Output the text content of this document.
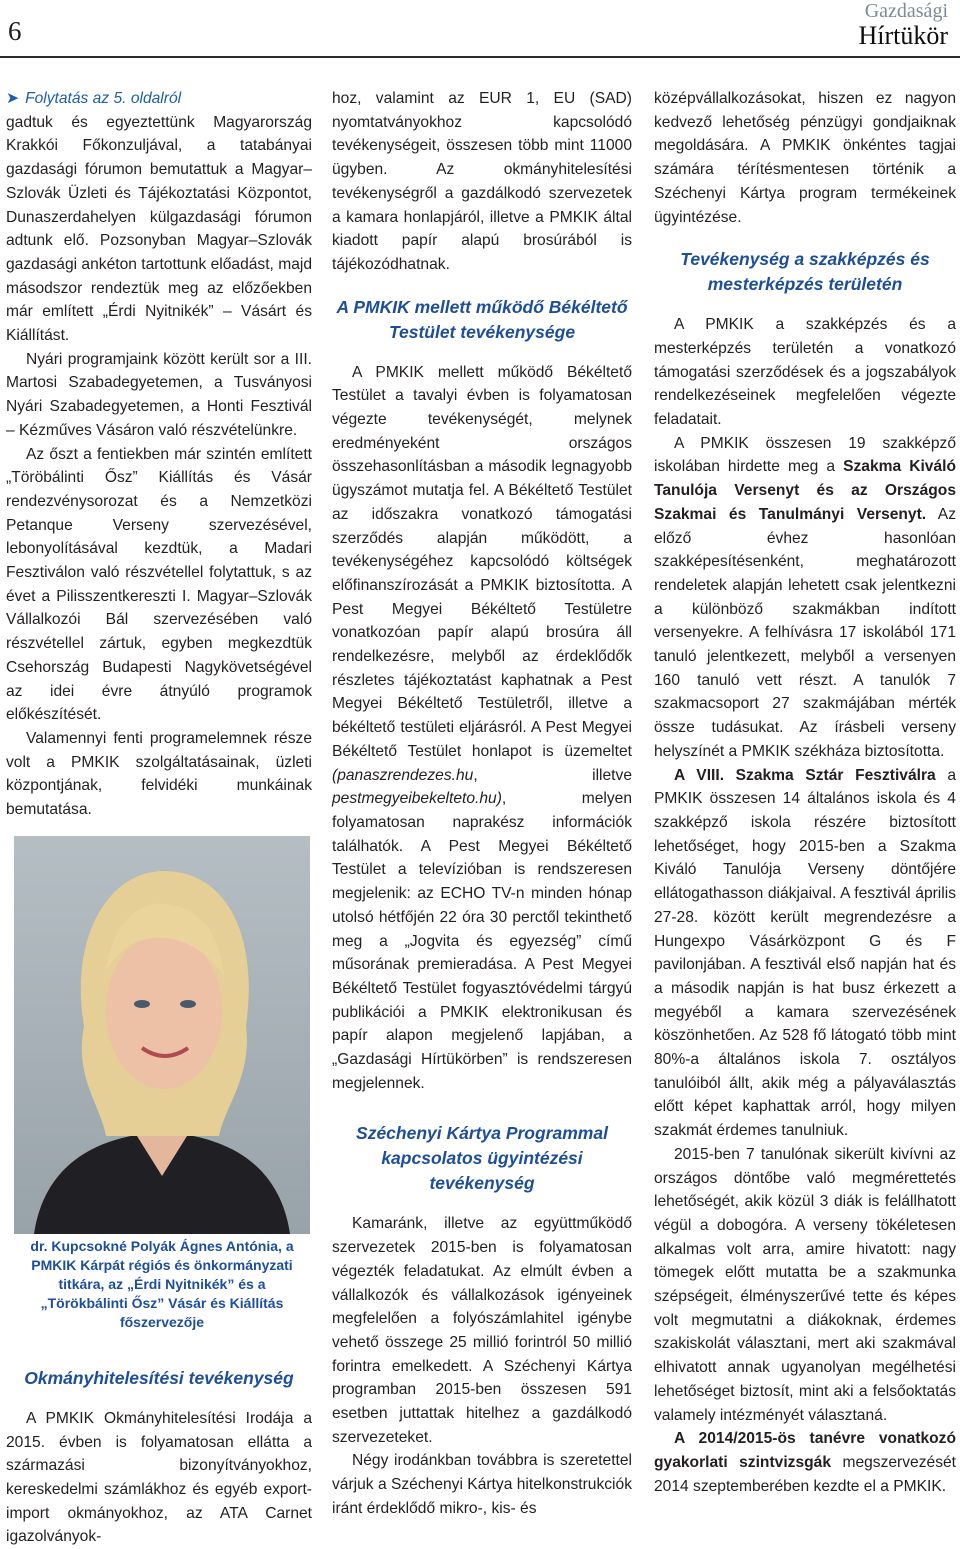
6
Gazdasági
Hírtükör

➤ Folytatás az 5. oldalról

gadtuk és egyeztettünk Magyarország Krakkói Főkonzuljával, a tatabányai gazdasági fórumon bemutattuk a Magyar–Szlovák Üzleti és Tájékoztatási Központot, Dunaszerdahelyen külgazdasági fórumon adtunk elő. Pozsonyban Magyar–Szlovák gazdasági ankéton tartottunk előadást, majd másodszor rendeztük meg az előzőekben már említett „Érdi Nyitnikék” – Vásárt és Kiállítást.

Nyári programjaink között került sor a III. Martosi Szabadegyetemen, a Tusványosi Nyári Szabadegyetemen, a Honti Fesztivál – Kézműves Vásáron való részvételünkre.

Az őszt a fentiekben már szintén említett „Töröbálinti Ősz” Kiállítás és Vásár rendezvénysorozat és a Nemzetközi Petanque Verseny szervezésével, lebonyolításával kezdtük, a Madari Fesztiválon való részvétellel folytattuk, s az évet a Pilisszentkereszti I. Magyar–Szlovák Vállalkozói Bál szervezésében való részvétellel zártuk, egyben megkezdtük Csehország Budapesti Nagykövetségével az idei évre átnyúló programok előkészítését.

Valamennyi fenti programelemnek része volt a PMKIK szolgáltatásainak, üzleti központjának, felvidéki munkáinak bemutatása.

dr. Kupcsokné Polyák Ágnes Antónia, a PMKIK Kárpát régiós és önkormányzati titkára, az „Érdi Nyitnikék” és a „Törökbálinti Ősz” Vásár és Kiállítás főszervezője
Okmányhitelesítési tevékenység

A PMKIK Okmányhitelesítési Irodája a 2015. évben is folyamatosan ellátta a származási bizonyítványokhoz, kereskedelmi számlákhoz és egyéb export-import okmányokhoz, az ATA Carnet igazolványok-

hoz, valamint az EUR 1, EU (SAD) nyomtatványokhoz kapcsolódó tevékenységeit, összesen több mint 11000 ügyben. Az okmányhitelesítési tevékenységről a gazdálkodó szervezetek a kamara honlapjáról, illetve a PMKIK által kiadott papír alapú brosúrából is tájékozódhatnak.

A PMKIK mellett működő Békéltető Testület tevékenysége

A PMKIK mellett működő Békéltető Testület a tavalyi évben is folyamatosan végezte tevékenységét, melynek eredményeként országos összehasonlításban a második legnagyobb ügyszámot mutatja fel. A Békéltető Testület az időszakra vonatkozó támogatási szerződés alapján működött, a tevékenységéhez kapcsolódó költségek előfinanszírozását a PMKIK biztosította. A Pest Megyei Békéltető Testületre vonatkozóan papír alapú brosúra áll rendelkezésre, melyből az érdeklődők részletes tájékoztatást kaphatnak a Pest Megyei Békéltető Testületről, illetve a békéltető testületi eljárásról. A Pest Megyei Békéltető Testület honlapot is üzemeltet (panaszrendezes.hu, illetve pestmegyeibekelteto.hu), melyen folyamatosan naprakész információk találhatók. A Pest Megyei Békéltető Testület a televízióban is rendszeresen megjelenik: az ECHO TV-n minden hónap utolsó hétfőjén 22 óra 30 perctől tekinthető meg a „Jogvita és egyezség” című műsorának premieradása. A Pest Megyei Békéltető Testület fogyasztóvédelmi tárgyú publikációi a PMKIK elektronikusan és papír alapon megjelenő lapjában, a „Gazdasági Hírtükörben” is rendszeresen megjelennek.

Széchenyi Kártya Programmal kapcsolatos ügyintézési tevékenység

Kamaránk, illetve az együttműködő szervezetek 2015-ben is folyamatosan végezték feladatukat. Az elmúlt évben a vállalkozók és vállalkozások igényeinek megfelelően a folyószámlahitel igénybe vehető összege 25 millió forintról 50 millió forintra emelkedett. A Széchenyi Kártya programban 2015-ben összesen 591 esetben juttattak hitelhez a gazdálkodó szervezeteket.

Négy irodánkban továbbra is szeretettel várjuk a Széchenyi Kártya hitelkonstrukciók iránt érdeklődő mikro-, kis- és

középvállalkozásokat, hiszen ez nagyon kedvező lehetőség pénzügyi gondjaiknak megoldására. A PMKIK önkéntes tagjai számára térítésmentesen történik a Széchenyi Kártya program termékeinek ügyintézése.

Tevékenység a szakképzés és mesterképzés területén

A PMKIK a szakképzés és a mesterképzés területén a vonatkozó támogatási szerződések és a jogszabályok rendelkezéseinek megfelelően végezte feladatait.

A PMKIK összesen 19 szakképző iskolában hirdette meg a Szakma Kiváló Tanulója Versenyt és az Országos Szakmai és Tanulmányi Versenyt. Az előző évhez hasonlóan szakképesítésenként, meghatározott rendeletek alapján lehetett csak jelentkezni a különböző szakmákban indított versenyekre. A felhívásra 17 iskolából 171 tanuló jelentkezett, melyből a versenyen 160 tanuló vett részt. A tanulók 7 szakmacsoport 27 szakmájában mérték össze tudásukat. Az írásbeli verseny helyszínét a PMKIK székháza biztosította.

A VIII. Szakma Sztár Fesztiválra a PMKIK összesen 14 általános iskola és 4 szakképző iskola részére biztosított lehetőséget, hogy 2015-ben a Szakma Kiváló Tanulója Verseny döntőjére ellátogathasson diákjaival. A fesztivál április 27-28. között került megrendezésre a Hungexpo Vásárközpont G és F pavilonjában. A fesztivál első napján hat és a második napján is hat busz érkezett a megyéből a kamara szervezésének köszönhetően. Az 528 fő látogató több mint 80%-a általános iskola 7. osztályos tanulóiból állt, akik még a pályaválasztás előtt képet kaphattak arról, hogy milyen szakmát érdemes tanulniuk.

2015-ben 7 tanulónak sikerült kivívni az országos döntőbe való megmérettetés lehetőségét, akik közül 3 diák is felállhatott végül a dobogóra. A verseny tökéletesen alkalmas volt arra, amire hivatott: nagy tömegek előtt mutatta be a szakmunka szépségeit, élményszerűvé tette és képes volt megmutatni a diákoknak, érdemes szakiskolát választani, mert aki szakmával elhivatott annak ugyanolyan megélhetési lehetőséget biztosít, mint aki a felsőoktatás valamely intézményét választaná.

A 2014/2015-ös tanévre vonatkozó gyakorlati szintvizsgák megszervezését 2014 szeptemberében kezdte el a PMKIK.
